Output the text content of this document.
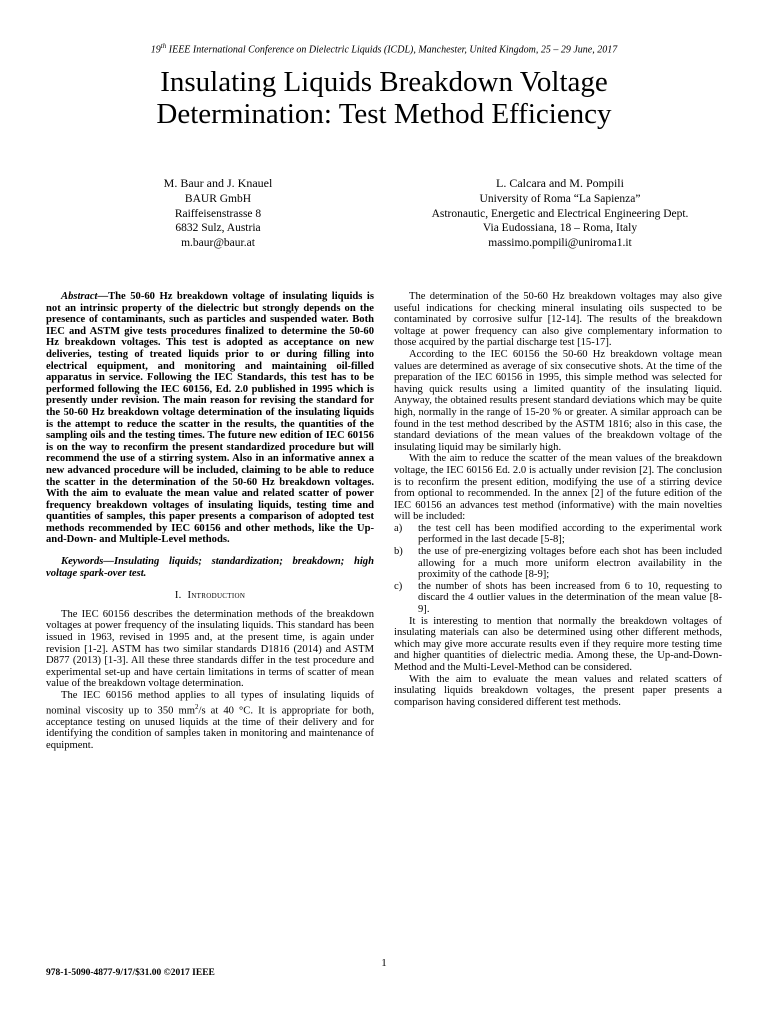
19th IEEE International Conference on Dielectric Liquids (ICDL), Manchester, United Kingdom, 25 – 29 June, 2017
Insulating Liquids Breakdown Voltage
Determination: Test Method Efficiency
M. Baur and J. Knauel
BAUR GmbH
Raiffeisenstrasse 8
6832 Sulz, Austria
m.baur@baur.at
L. Calcara and M. Pompili
University of Roma “La Sapienza”
Astronautic, Energetic and Electrical Engineering Dept.
Via Eudossiana, 18 – Roma, Italy
massimo.pompili@uniroma1.it

Abstract—The 50-60 Hz breakdown voltage of insulating liquids is not an intrinsic property of the dielectric but strongly depends on the presence of contaminants, such as particles and suspended water. Both IEC and ASTM give tests procedures finalized to determine the 50-60 Hz breakdown voltages. This test is adopted as acceptance on new deliveries, testing of treated liquids prior to or during filling into electrical equipment, and monitoring and maintaining oil-filled apparatus in service. Following the IEC Standards, this test has to be performed following the IEC 60156, Ed. 2.0 published in 1995 which is presently under revision. The main reason for revising the standard for the 50-60 Hz breakdown voltage determination of the insulating liquids is the attempt to reduce the scatter in the results, the quantities of the sampling oils and the testing times. The future new edition of IEC 60156 is on the way to reconfirm the present standardized procedure but will recommend the use of a stirring system. Also in an informative annex a new advanced procedure will be included, claiming to be able to reduce the scatter in the determination of the 50-60 Hz breakdown voltages. With the aim to evaluate the mean value and related scatter of power frequency breakdown voltages of insulating liquids, testing time and quantities of samples, this paper presents a comparison of adopted test methods recommended by IEC 60156 and other methods, like the Up-and-Down- and Multiple-Level methods.

Keywords—Insulating liquids; standardization; breakdown; high voltage spark-over test.

I. Introduction

The IEC 60156 describes the determination methods of the breakdown voltages at power frequency of the insulating liquids. This standard has been issued in 1963, revised in 1995 and, at the present time, is again under revision [1-2]. ASTM has two similar standards D1816 (2014) and ASTM D877 (2013) [1-3]. All these three standards differ in the test procedure and experimental set-up and have certain limitations in terms of scatter of mean value of the breakdown voltage determination.

The IEC 60156 method applies to all types of insulating liquids of nominal viscosity up to 350 $mm^2/s$ at 40 °C. It is appropriate for both, acceptance testing on unused liquids at the time of their delivery and for identifying the condition of samples taken in monitoring and maintenance of equipment.

The determination of the 50-60 Hz breakdown voltages may also give useful indications for checking mineral insulating oils suspected to be contaminated by corrosive sulfur [12-14]. The results of the breakdown voltage at power frequency can also give complementary information to those acquired by the partial discharge test [15-17].

According to the IEC 60156 the 50-60 Hz breakdown voltage mean values are determined as average of six consecutive shots. At the time of the preparation of the IEC 60156 in 1995, this simple method was selected for having quick results using a limited quantity of the insulating liquid. Anyway, the obtained results present standard deviations which may be quite high, normally in the range of 15-20 % or greater. A similar approach can be found in the test method described by the ASTM 1816; also in this case, the standard deviations of the mean values of the breakdown voltage of the insulating liquid may be similarly high.

With the aim to reduce the scatter of the mean values of the breakdown voltage, the IEC 60156 Ed. 2.0 is actually under revision [2]. The conclusion is to reconfirm the present edition, modifying the use of a stirring device from optional to recommended. In the annex [2] of the future edition of the IEC 60156 an advances test method (informative) with the main novelties will be included:

a) the test cell has been modified according to the experimental work performed in the last decade [5-8];
b) the use of pre-energizing voltages before each shot has been included allowing for a much more uniform electron availability in the proximity of the cathode [8-9];
c) the number of shots has been increased from 6 to 10, requesting to discard the 4 outlier values in the determination of the mean value [8-9].

It is interesting to mention that normally the breakdown voltages of insulating materials can also be determined using other different methods, which may give more accurate results even if they require more testing time and higher quantities of dielectric media. Among these, the Up-and-Down-Method and the Multi-Level-Method can be considered.

With the aim to evaluate the mean values and related scatters of insulating liquids breakdown voltages, the present paper presents a comparison having considered different test methods.

1
978-1-5090-4877-9/17/$31.00 ©2017 IEEE
